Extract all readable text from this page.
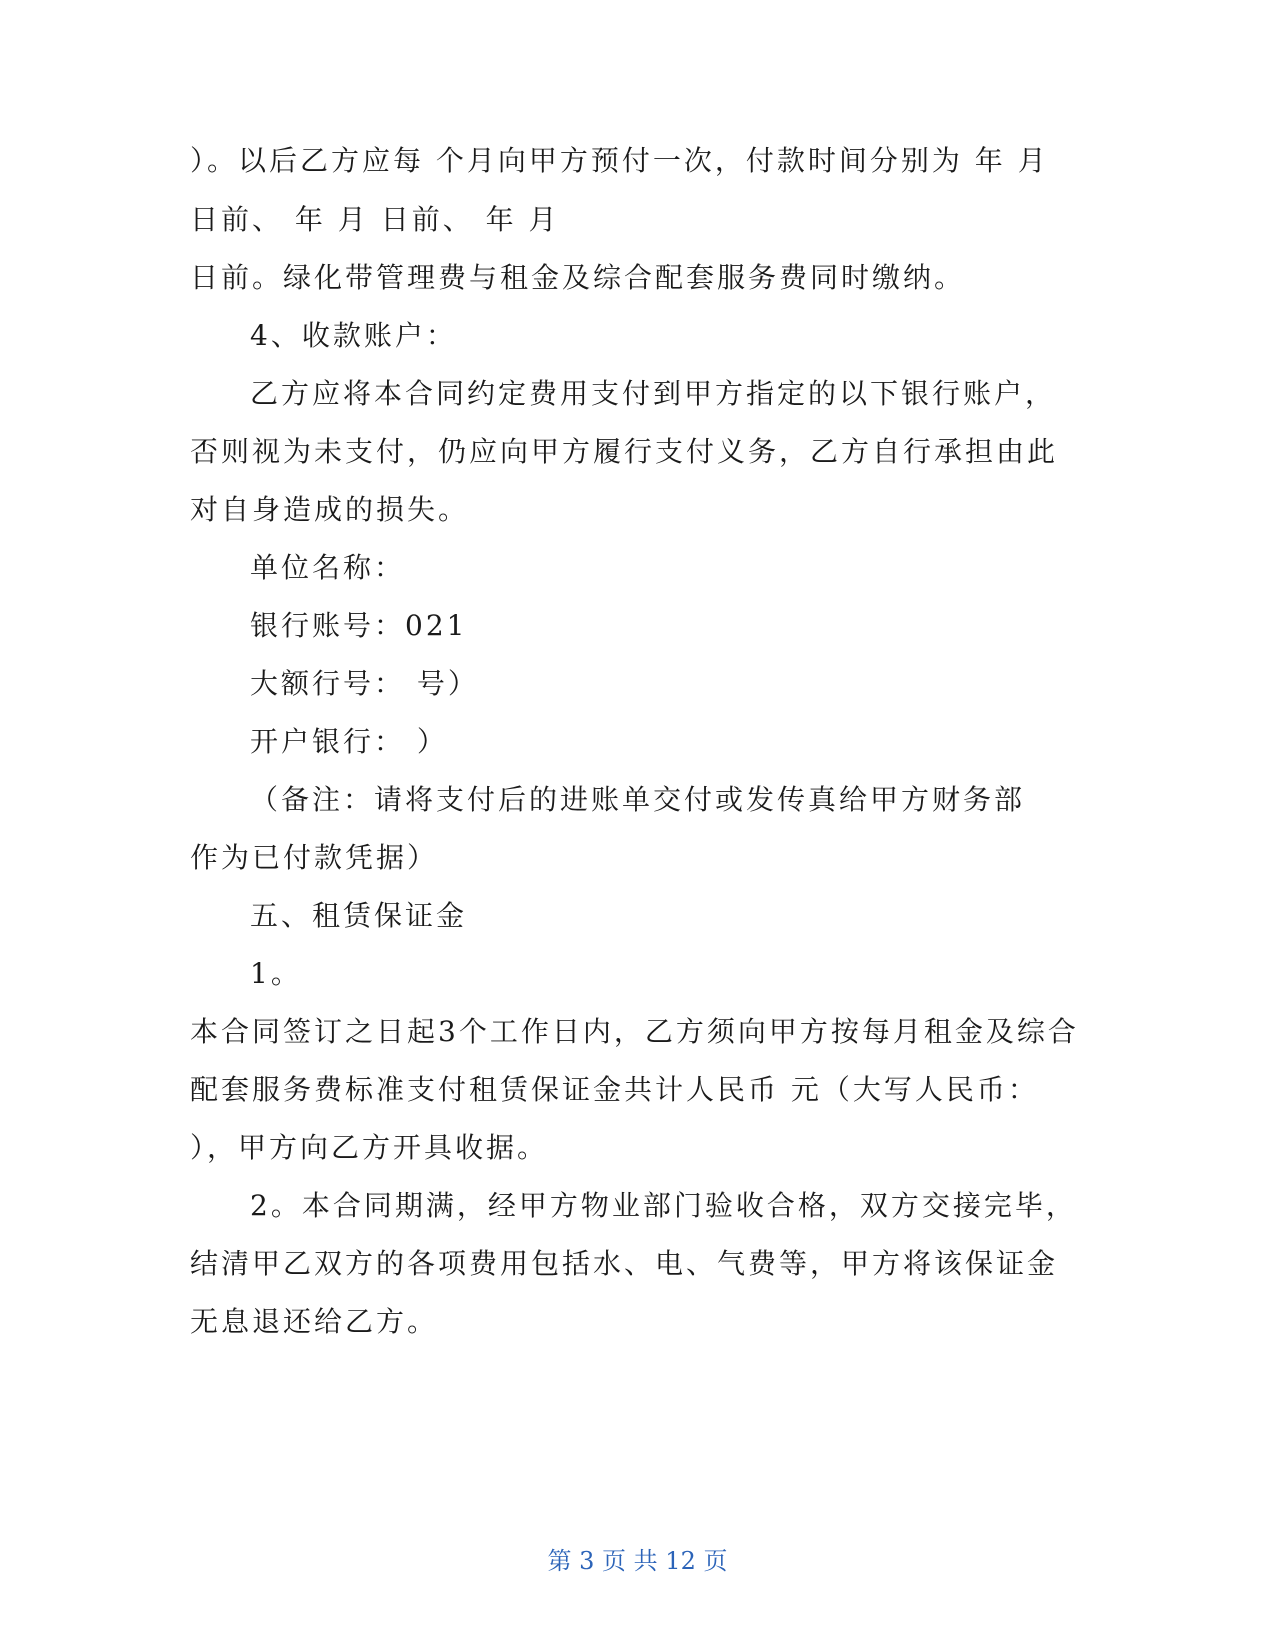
）。以后乙方应每 个月向甲方预付一次，付款时间分别为 年 月
日前、 年 月 日前、 年 月
日前。绿化带管理费与租金及综合配套服务费同时缴纳。
4、收款账户：
乙方应将本合同约定费用支付到甲方指定的以下银行账户，
否则视为未支付，仍应向甲方履行支付义务，乙方自行承担由此
对自身造成的损失。
单位名称：
银行账号：021
大额行号： 号）
开户银行： ）
（备注：请将支付后的进账单交付或发传真给甲方财务部
作为已付款凭据）
五、租赁保证金
1。
本合同签订之日起3个工作日内，乙方须向甲方按每月租金及综合
配套服务费标准支付租赁保证金共计人民币 元（大写人民币：
），甲方向乙方开具收据。
2。本合同期满，经甲方物业部门验收合格，双方交接完毕，
结清甲乙双方的各项费用包括水、电、气费等，甲方将该保证金
无息退还给乙方。
第 3 页 共 12 页
